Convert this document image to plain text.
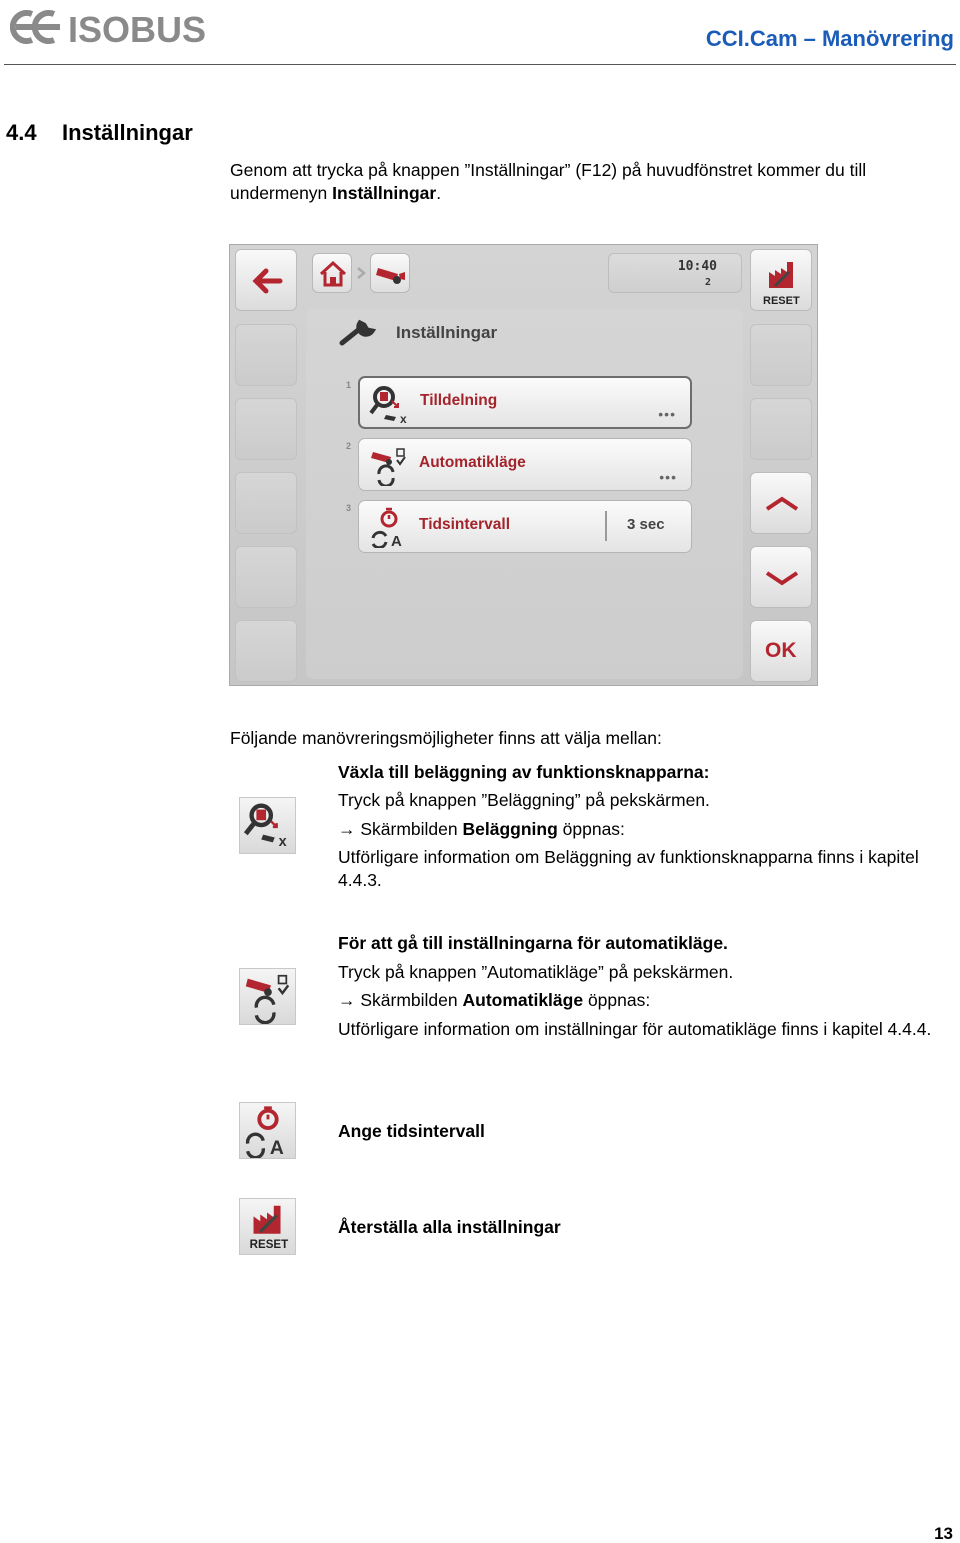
ISOBUS	CCI.Cam – Manövrering
4.4 Inställningar
Genom att trycka på knappen ”Inställningar” (F12) på huvudfönstret kommer du till undermenyn Inställningar.
10:40
2
RESET
OK
Inställningar
1
x
Tilldelning
•••
2
Automatikläge
•••
3
A
Tidsintervall	3 sec
Följande manövreringsmöjligheter finns att välja mellan:
x
Växla till beläggning av funktionsknapparna:
Tryck på knappen ”Beläggning” på pekskärmen.
→ Skärmbilden Beläggning öppnas:
Utförligare information om Beläggning av funktionsknapparna finns i kapitel 4.4.3.
För att gå till inställningarna för automatikläge.
Tryck på knappen ”Automatikläge” på pekskärmen.
→ Skärmbilden Automatikläge öppnas:
Utförligare information om inställningar för automatikläge finns i kapitel 4.4.4.
A
Ange tidsintervall
RESET
Återställa alla inställningar
13
